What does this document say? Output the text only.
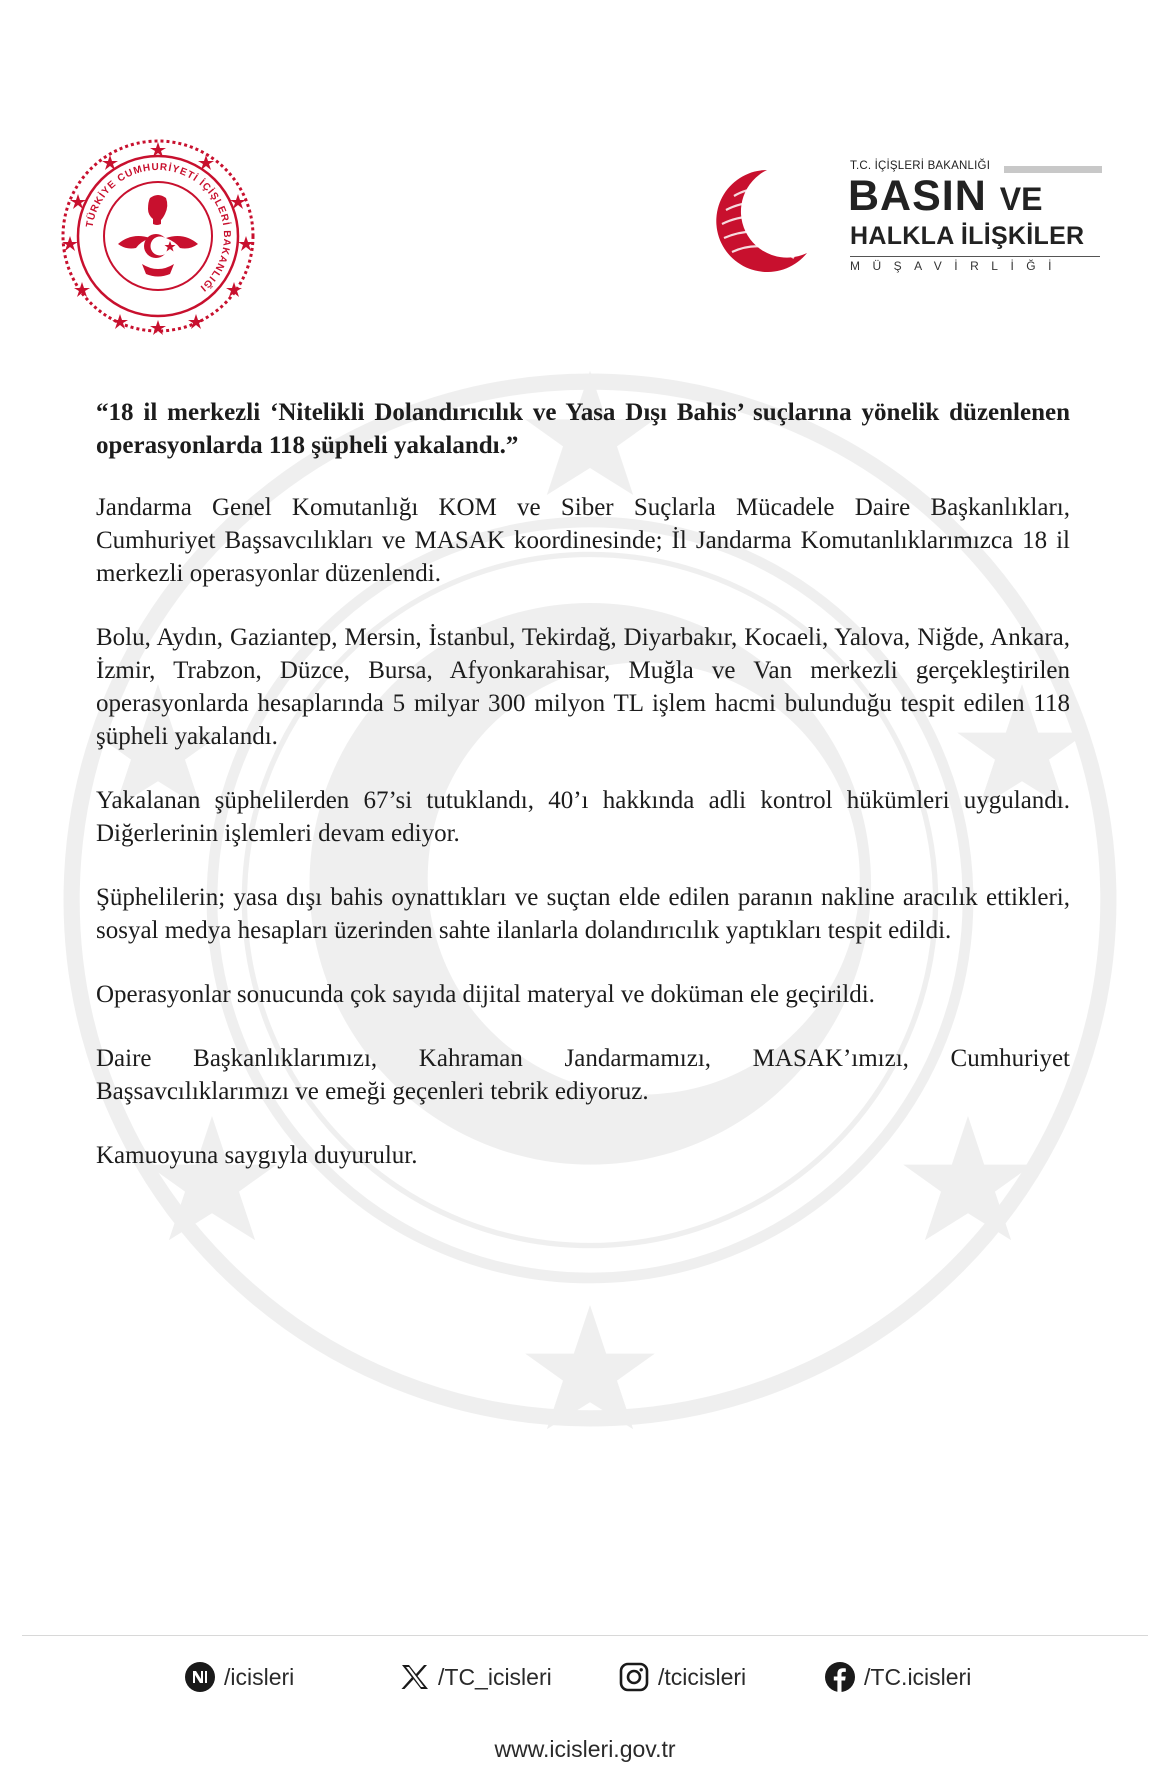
TÜRKİYE CUMHURİYETİ İÇİŞLERİ BAKANLIĞI
T.C. İÇİŞLERİ BAKANLIĞI
BASIN VE
HALKLA İLİŞKİLER
MÜŞAVİRLİĞİ

“18 il merkezli ‘Nitelikli Dolandırıcılık ve Yasa Dışı Bahis’ suçlarına yönelik düzenlenen operasyonlarda 118 şüpheli yakalandı.”

Jandarma Genel Komutanlığı KOM ve Siber Suçlarla Mücadele Daire Başkanlıkları, Cumhuriyet Başsavcılıkları ve MASAK koordinesinde; İl Jandarma Komutanlıklarımızca 18 il merkezli operasyonlar düzenlendi.

Bolu, Aydın, Gaziantep, Mersin, İstanbul, Tekirdağ, Diyarbakır, Kocaeli, Yalova, Niğde, Ankara, İzmir, Trabzon, Düzce, Bursa, Afyonkarahisar, Muğla ve Van merkezli gerçekleştirilen operasyonlarda hesaplarında 5 milyar 300 milyon TL işlem hacmi bulunduğu tespit edilen 118 şüpheli yakalandı.

Yakalanan şüphelilerden 67’si tutuklandı, 40’ı hakkında adli kontrol hükümleri uygulandı. Diğerlerinin işlemleri devam ediyor.

Şüphelilerin; yasa dışı bahis oynattıkları ve suçtan elde edilen paranın nakline aracılık ettikleri, sosyal medya hesapları üzerinden sahte ilanlarla dolandırıcılık yaptıkları tespit edildi.

Operasyonlar sonucunda çok sayıda dijital materyal ve doküman ele geçirildi.

Daire Başkanlıklarımızı, Kahraman Jandarmamızı, MASAK’ımızı, Cumhuriyet Başsavcılıklarımızı ve emeği geçenleri tebrik ediyoruz.

Kamuoyuna saygıyla duyurulur.

/icisleri	/TC_icisleri	/tcicisleri	/TC.icisleri
www.icisleri.gov.tr
